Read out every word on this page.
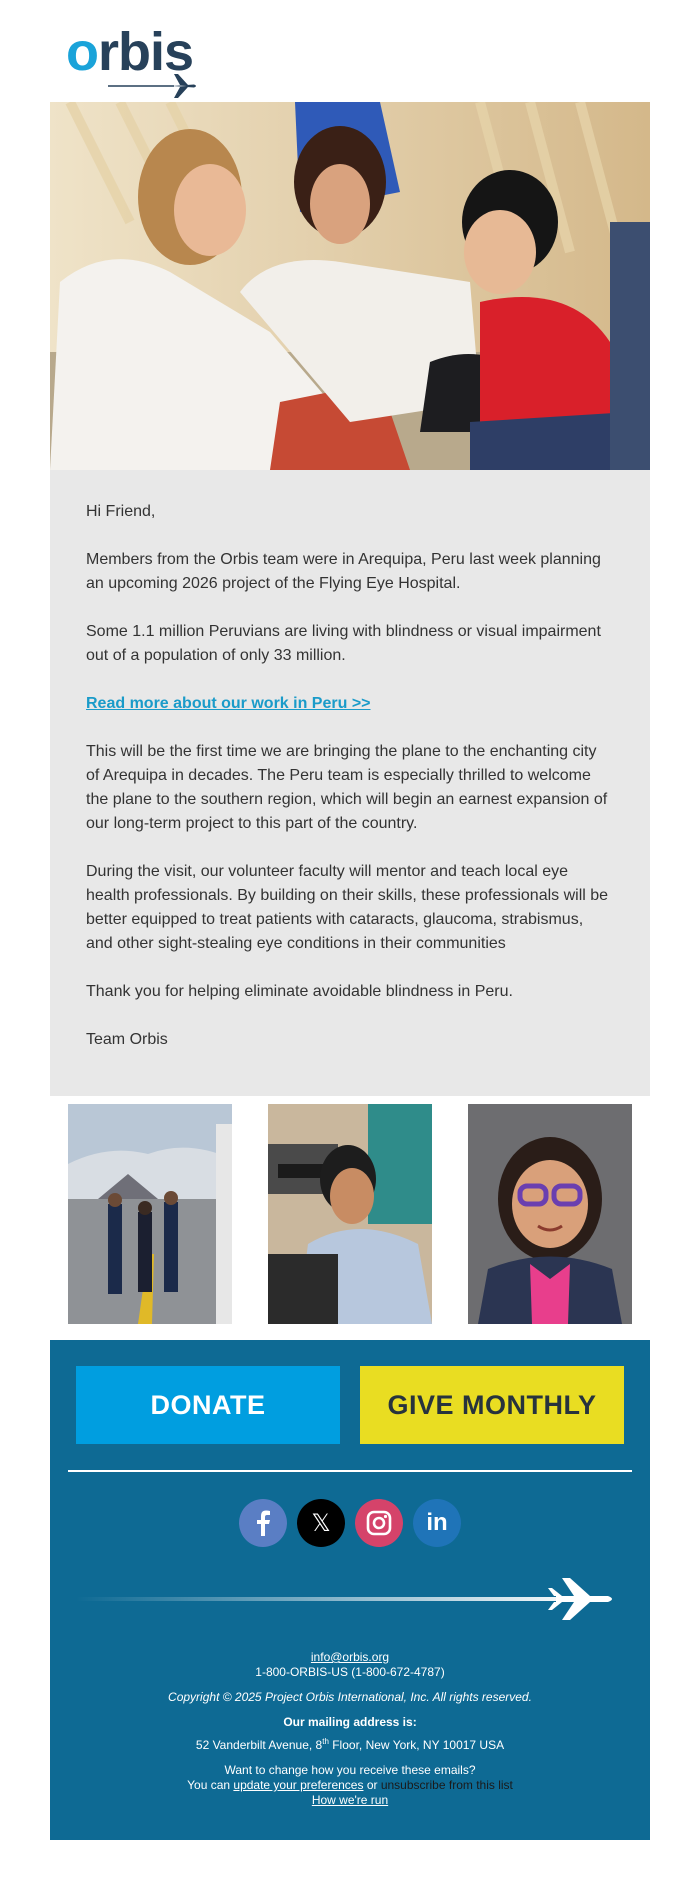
orbis

Hi Friend,

Members from the Orbis team were in Arequipa, Peru last week planning an upcoming 2026 project of the Flying Eye Hospital.

Some 1.1 million Peruvians are living with blindness or visual impairment out of a population of only 33 million.

Read more about our work in Peru >>

This will be the first time we are bringing the plane to the enchanting city of Arequipa in decades. The Peru team is especially thrilled to welcome the plane to the southern region, which will begin an earnest expansion of our long-term project to this part of the country.

During the visit, our volunteer faculty will mentor and teach local eye health professionals. By building on their skills, these professionals will be better equipped to treat patients with cataracts, glaucoma, strabismus, and other sight-stealing eye conditions in their communities

Thank you for helping eliminate avoidable blindness in Peru.

Team Orbis

DONATE	GIVE MONTHLY
𝕏	in
info@orbis.org
1-800-ORBIS-US (1-800-672-4787)
Copyright © 2025 Project Orbis International, Inc. All rights reserved.
Our mailing address is:
52 Vanderbilt Avenue, 8th Floor, New York, NY 10017 USA
Want to change how you receive these emails?
You can update your preferences or unsubscribe from this list
How we're run
